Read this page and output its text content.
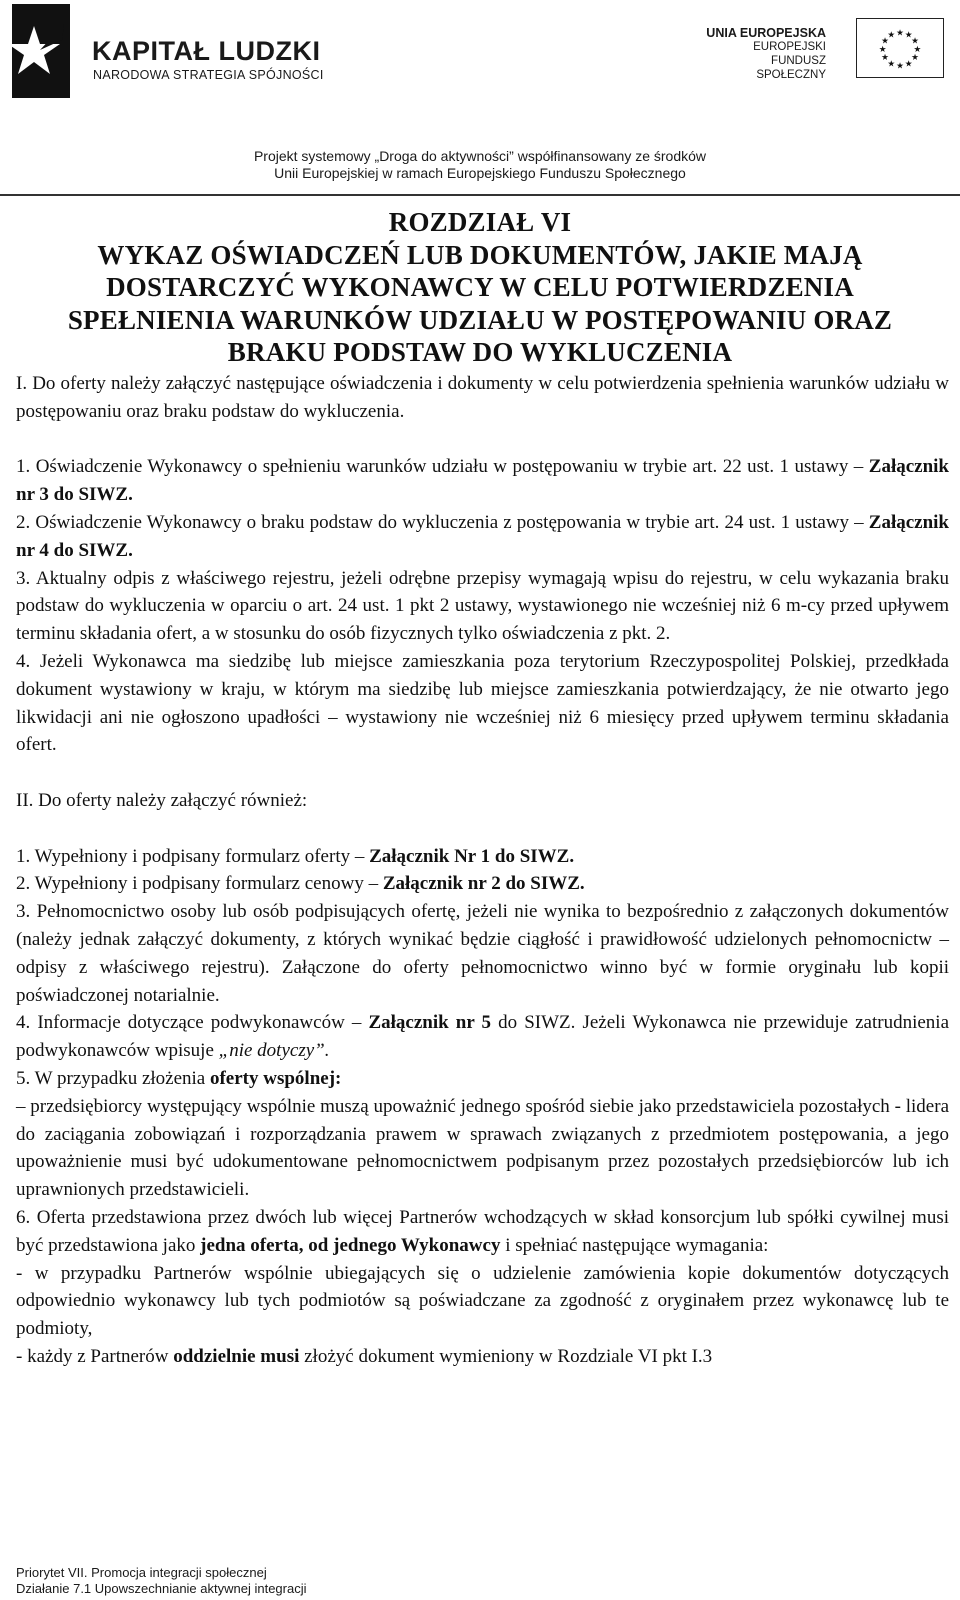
KAPITAŁ LUDZKI
NARODOWA STRATEGIA SPÓJNOŚCI
UNIA EUROPEJSKA
EUROPEJSKI
FUNDUSZ SPOŁECZNY
★ ★
★
★
★
★
★
★
★
★
★
★
Projekt systemowy „Droga do aktywności” współfinansowany ze środków
Unii Europejskiej w ramach Europejskiego Funduszu Społecznego
ROZDZIAŁ VI
WYKAZ OŚWIADCZEŃ LUB DOKUMENTÓW, JAKIE MAJĄ
DOSTARCZYĆ WYKONAWCY W CELU POTWIERDZENIA
SPEŁNIENIA WARUNKÓW UDZIAŁU W POSTĘPOWANIU ORAZ
BRAKU PODSTAW DO WYKLUCZENIA

I. Do oferty należy załączyć następujące oświadczenia i dokumenty w celu potwierdzenia spełnienia warunków udziału w postępowaniu oraz braku podstaw do wykluczenia.

1. Oświadczenie Wykonawcy o spełnieniu warunków udziału w postępowaniu w trybie art. 22 ust. 1 ustawy – Załącznik nr 3 do SIWZ.

2. Oświadczenie Wykonawcy o braku podstaw do wykluczenia z postępowania w trybie art. 24 ust. 1 ustawy – Załącznik nr 4 do SIWZ.

3. Aktualny odpis z właściwego rejestru, jeżeli odrębne przepisy wymagają wpisu do rejestru, w celu wykazania braku podstaw do wykluczenia w oparciu o art. 24 ust. 1 pkt 2 ustawy, wystawionego nie wcześniej niż 6 m-cy przed upływem terminu składania ofert, a w stosunku do osób fizycznych tylko oświadczenia z pkt. 2.

4. Jeżeli Wykonawca ma siedzibę lub miejsce zamieszkania poza terytorium Rzeczypospolitej Polskiej, przedkłada dokument wystawiony w kraju, w którym ma siedzibę lub miejsce zamieszkania potwierdzający, że nie otwarto jego likwidacji ani nie ogłoszono upadłości – wystawiony nie wcześniej niż 6 miesięcy przed upływem terminu składania ofert.

II. Do oferty należy załączyć również:

1. Wypełniony i podpisany formularz oferty – Załącznik Nr 1 do SIWZ.

2. Wypełniony i podpisany formularz cenowy – Załącznik nr 2 do SIWZ.

3. Pełnomocnictwo osoby lub osób podpisujących ofertę, jeżeli nie wynika to bezpośrednio z załączonych dokumentów (należy jednak załączyć dokumenty, z których wynikać będzie ciągłość i prawidłowość udzielonych pełnomocnictw – odpisy z właściwego rejestru). Załączone do oferty pełnomocnictwo winno być w formie oryginału lub kopii poświadczonej notarialnie.

4. Informacje dotyczące podwykonawców – Załącznik nr 5 do SIWZ. Jeżeli Wykonawca nie przewiduje zatrudnienia podwykonawców wpisuje „nie dotyczy”.

5. W przypadku złożenia oferty wspólnej:

– przedsiębiorcy występujący wspólnie muszą upoważnić jednego spośród siebie jako przedstawiciela pozostałych - lidera do zaciągania zobowiązań i rozporządzania prawem w sprawach związanych z przedmiotem postępowania, a jego upoważnienie musi być udokumentowane pełnomocnictwem podpisanym przez pozostałych przedsiębiorców lub ich uprawnionych przedstawicieli.

6. Oferta przedstawiona przez dwóch lub więcej Partnerów wchodzących w skład konsorcjum lub spółki cywilnej musi być przedstawiona jako jedna oferta, od jednego Wykonawcy i spełniać następujące wymagania:

- w przypadku Partnerów wspólnie ubiegających się o udzielenie zamówienia kopie dokumentów dotyczących odpowiednio wykonawcy lub tych podmiotów są poświadczane za zgodność z oryginałem przez wykonawcę lub te podmioty,

- każdy z Partnerów oddzielnie musi złożyć dokument wymieniony w Rozdziale VI pkt I.3

Priorytet VII. Promocja integracji społecznej
Działanie 7.1 Upowszechnianie aktywnej integracji
